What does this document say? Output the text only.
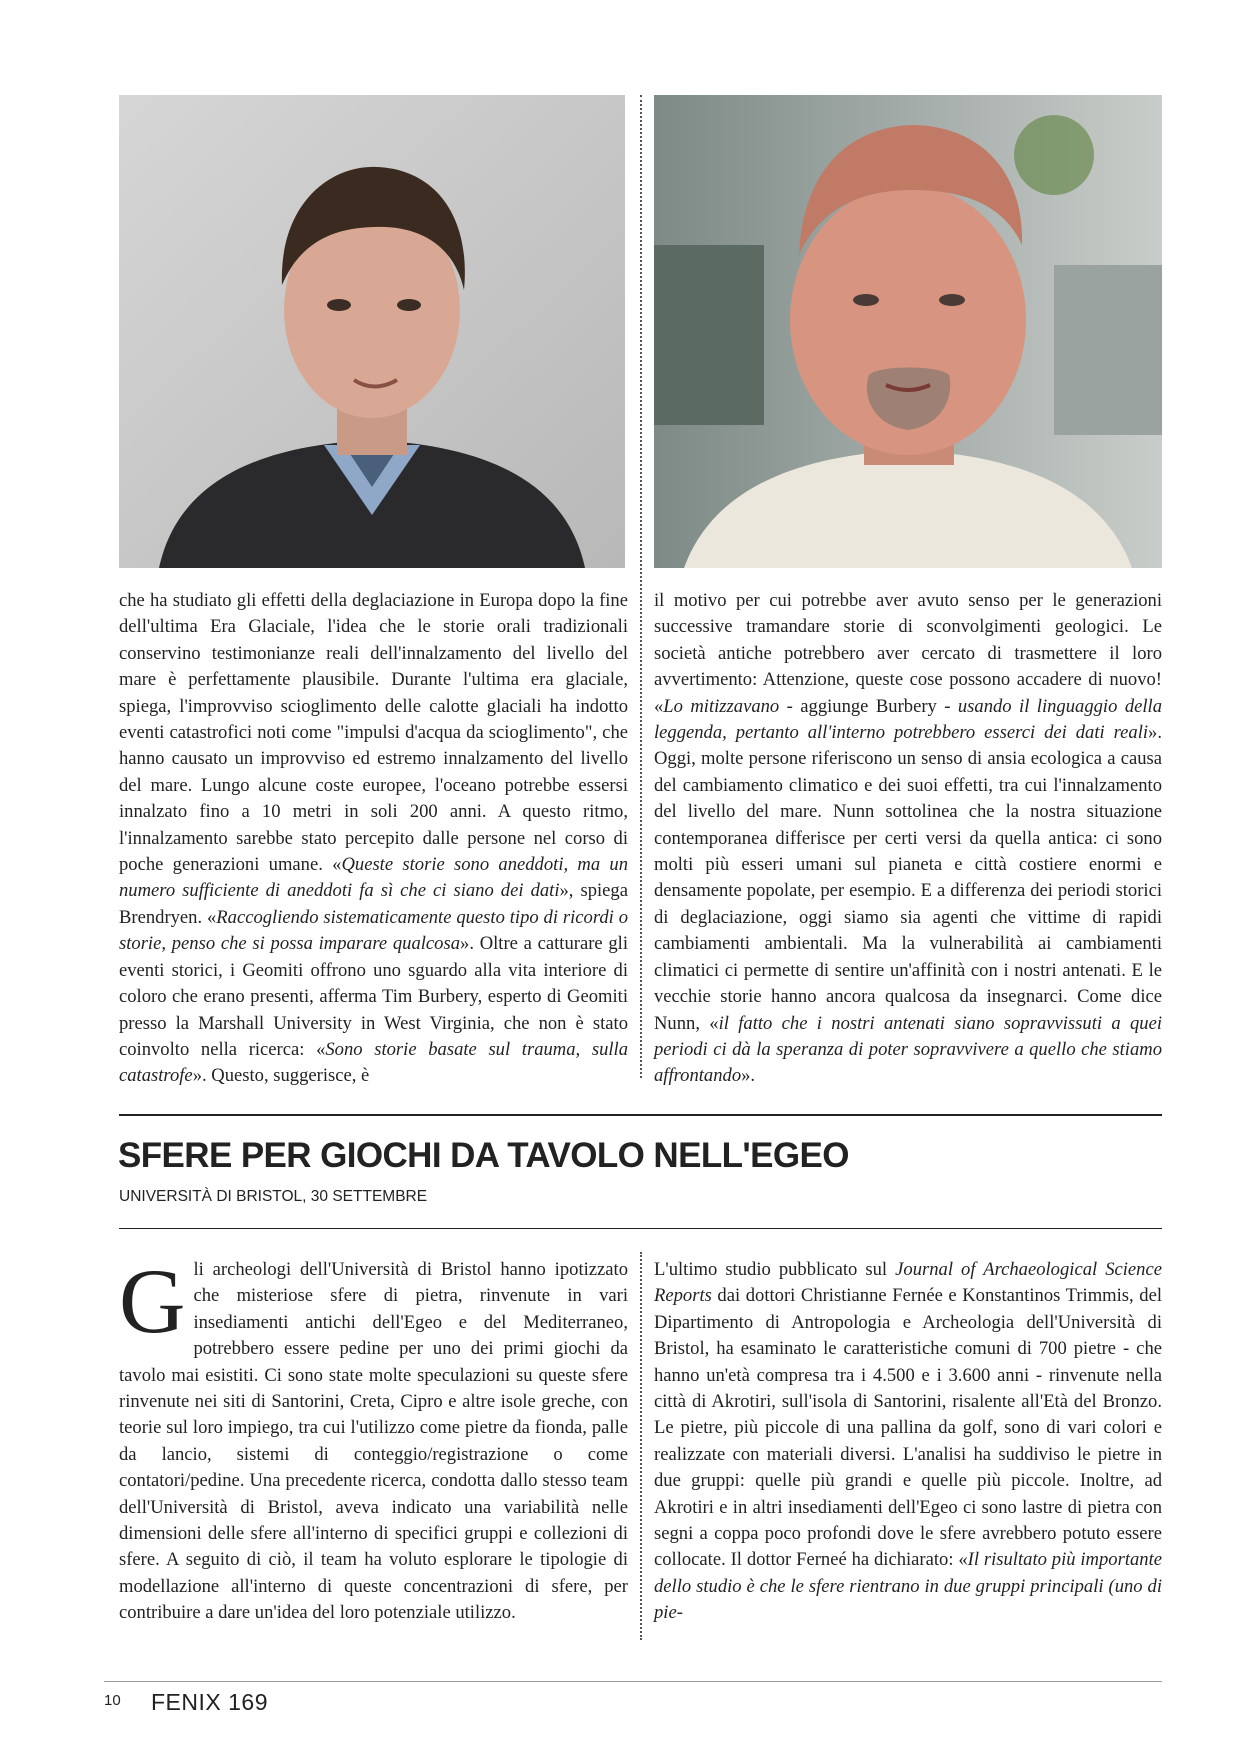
che ha studiato gli effetti della deglaciazione in Europa dopo la fine dell'ultima Era Glaciale, l'idea che le storie orali tradizionali conservino testimonianze reali dell'innalzamento del livello del mare è perfettamente plausibile. Durante l'ultima era glaciale, spiega, l'improvviso scioglimento delle calotte glaciali ha indotto eventi catastrofici noti come "impulsi d'acqua da scioglimento", che hanno causato un improvviso ed estremo innalzamento del livello del mare. Lungo alcune coste europee, l'oceano potrebbe essersi innalzato fino a 10 metri in soli 200 anni. A questo ritmo, l'innalzamento sarebbe stato percepito dalle persone nel corso di poche generazioni umane. «Queste storie sono aneddoti, ma un numero sufficiente di aneddoti fa sì che ci siano dei dati», spiega Brendryen. «Raccogliendo sistematicamente questo tipo di ricordi o storie, penso che si possa imparare qualcosa». Oltre a catturare gli eventi storici, i Geomiti offrono uno sguardo alla vita interiore di coloro che erano presenti, afferma Tim Burbery, esperto di Geomiti presso la Marshall University in West Virginia, che non è stato coinvolto nella ricerca: «Sono storie basate sul trauma, sulla catastrofe». Questo, suggerisce, è

il motivo per cui potrebbe aver avuto senso per le generazioni successive tramandare storie di sconvolgimenti geologici. Le società antiche potrebbero aver cercato di trasmettere il loro avvertimento: Attenzione, queste cose possono accadere di nuovo! «Lo mitizzavano - aggiunge Burbery - usando il linguaggio della leggenda, pertanto all'interno potrebbero esserci dei dati reali». Oggi, molte persone riferiscono un senso di ansia ecologica a causa del cambiamento climatico e dei suoi effetti, tra cui l'innalzamento del livello del mare. Nunn sottolinea che la nostra situazione contemporanea differisce per certi versi da quella antica: ci sono molti più esseri umani sul pianeta e città costiere enormi e densamente popolate, per esempio. E a differenza dei periodi storici di deglaciazione, oggi siamo sia agenti che vittime di rapidi cambiamenti ambientali. Ma la vulnerabilità ai cambiamenti climatici ci permette di sentire un'affinità con i nostri antenati. E le vecchie storie hanno ancora qualcosa da insegnarci. Come dice Nunn, «il fatto che i nostri antenati siano sopravvissuti a quei periodi ci dà la speranza di poter sopravvivere a quello che stiamo affrontando».

SFERE PER GIOCHI DA TAVOLO NELL'EGEO
UNIVERSITÀ DI BRISTOL, 30 SETTEMBRE

Gli archeologi dell'Università di Bristol hanno ipotizzato che misteriose sfere di pietra, rinvenute in vari insediamenti antichi dell'Egeo e del Mediterraneo, potrebbero essere pedine per uno dei primi giochi da tavolo mai esistiti. Ci sono state molte speculazioni su queste sfere rinvenute nei siti di Santorini, Creta, Cipro e altre isole greche, con teorie sul loro impiego, tra cui l'utilizzo come pietre da fionda, palle da lancio, sistemi di conteggio/registrazione o come contatori/pedine. Una precedente ricerca, condotta dallo stesso team dell'Università di Bristol, aveva indicato una variabilità nelle dimensioni delle sfere all'interno di specifici gruppi e collezioni di sfere. A seguito di ciò, il team ha voluto esplorare le tipologie di modellazione all'interno di queste concentrazioni di sfere, per contribuire a dare un'idea del loro potenziale utilizzo.

L'ultimo studio pubblicato sul Journal of Archaeological Science Reports dai dottori Christianne Fernée e Konstantinos Trimmis, del Dipartimento di Antropologia e Archeologia dell'Università di Bristol, ha esaminato le caratteristiche comuni di 700 pietre - che hanno un'età compresa tra i 4.500 e i 3.600 anni - rinvenute nella città di Akrotiri, sull'isola di Santorini, risalente all'Età del Bronzo. Le pietre, più piccole di una pallina da golf, sono di vari colori e realizzate con materiali diversi. L'analisi ha suddiviso le pietre in due gruppi: quelle più grandi e quelle più piccole. Inoltre, ad Akrotiri e in altri insediamenti dell'Egeo ci sono lastre di pietra con segni a coppa poco profondi dove le sfere avrebbero potuto essere collocate. Il dottor Ferneé ha dichiarato: «Il risultato più importante dello studio è che le sfere rientrano in due gruppi principali (uno di pie-

10 FENIX 169
